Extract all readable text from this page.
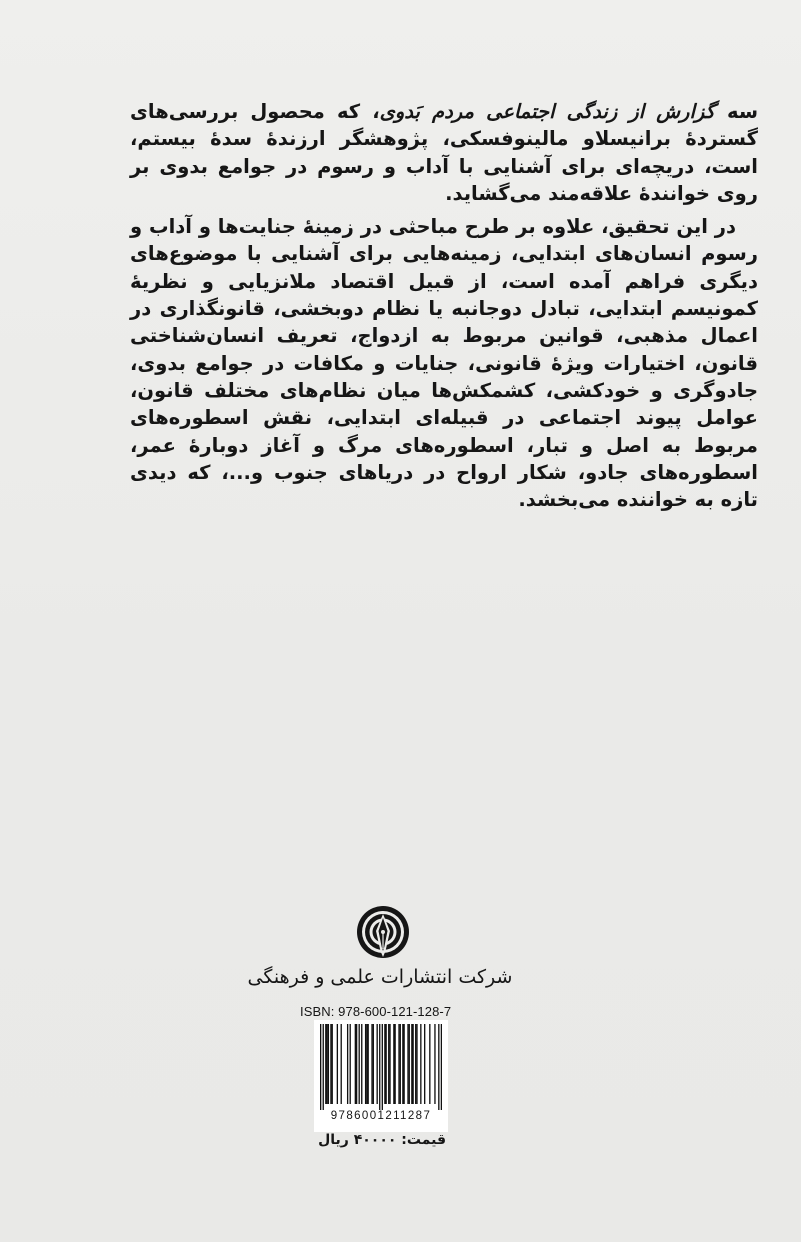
سه گزارش از زندگی اجتماعی مردم بَدوی، که محصول بررسی‌های گستردهٔ برانیسلاو مالینوفسکی، پژوهشگر ارزندهٔ سدهٔ بیستم، است، دریچه‌ای برای آشنایی با آداب و رسوم در جوامع بدوی بر روی خوانندهٔ علاقه‌مند می‌گشاید.

در این تحقیق، علاوه بر طرح مباحثی در زمینهٔ جنایت‌ها و آداب و رسوم انسان‌های ابتدایی، زمینه‌هایی برای آشنایی با موضوع‌های دیگری فراهم آمده است، از قبیل اقتصاد ملانزیایی و نظریهٔ کمونیسم ابتدایی، تبادل دوجانبه یا نظام دوبخشی، قانونگذاری در اعمال مذهبی، قوانین مربوط به ازدواج، تعریف انسان‌شناختی قانون، اختیارات ویژهٔ قانونی، جنایات و مکافات در جوامع بدوی، جادوگری و خودکشی، کشمکش‌ها میان نظام‌های مختلف قانون، عوامل پیوند اجتماعی در قبیله‌ای ابتدایی، نقش اسطوره‌های مربوط به اصل و تبار، اسطوره‌های مرگ و آغاز دوبارهٔ عمر، اسطوره‌های جادو، شکار ارواح در دریاهای جنوب و...، که دیدی تازه به خواننده می‌بخشد.

شرکت انتشارات علمی و فرهنگی
ISBN: 978-600-121-128-7
9786001211287
قیمت: ۴۰۰۰۰ ریال
